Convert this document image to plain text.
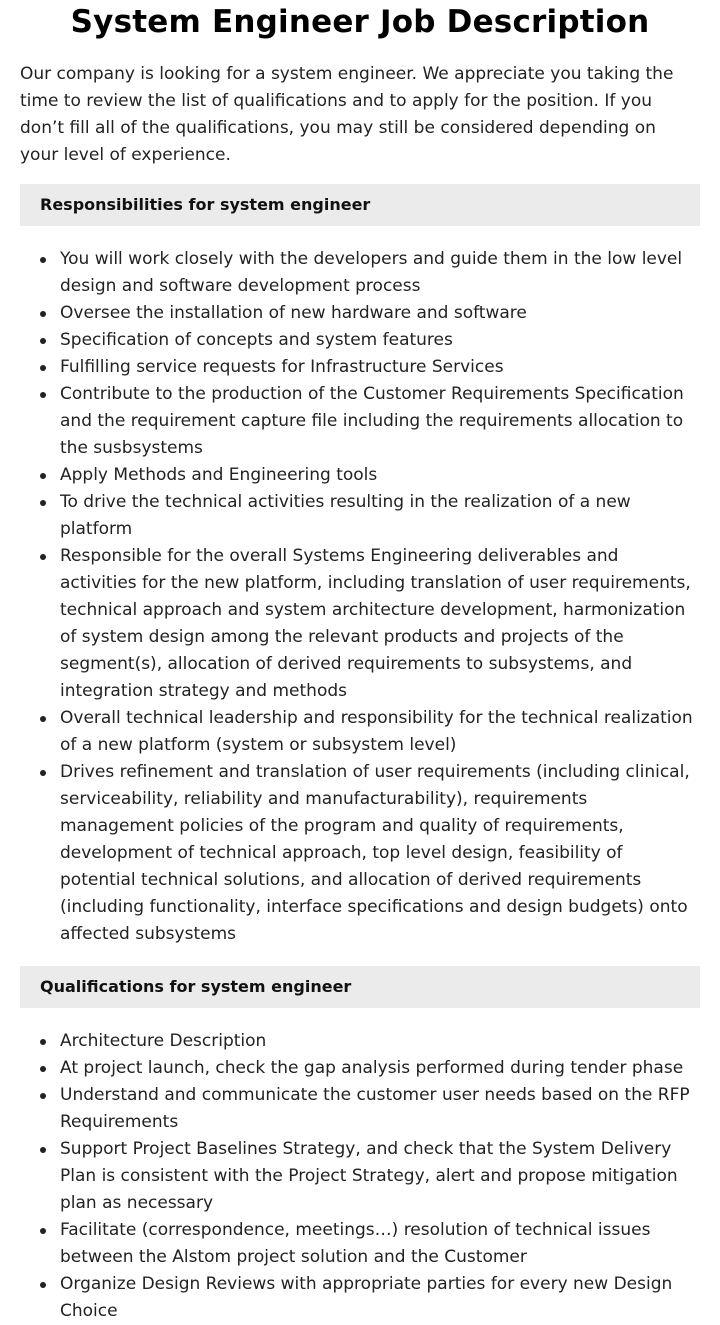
System Engineer Job Description

Our company is looking for a system engineer. We appreciate you taking the time to review the list of qualifications and to apply for the position. If you don’t fill all of the qualifications, you may still be considered depending on your level of experience.

Responsibilities for system engineer
You will work closely with the developers and guide them in the low level design and software development process
Oversee the installation of new hardware and software
Specification of concepts and system features
Fulfilling service requests for Infrastructure Services
Contribute to the production of the Customer Requirements Specification and the requirement capture file including the requirements allocation to the susbsystems
Apply Methods and Engineering tools
To drive the technical activities resulting in the realization of a new platform
Responsible for the overall Systems Engineering deliverables and activities for the new platform, including translation of user requirements, technical approach and system architecture development, harmonization of system design among the relevant products and projects of the segment(s), allocation of derived requirements to subsystems, and integration strategy and methods
Overall technical leadership and responsibility for the technical realization of a new platform (system or subsystem level)
Drives refinement and translation of user requirements (including clinical, serviceability, reliability and manufacturability), requirements management policies of the program and quality of requirements, development of technical approach, top level design, feasibility of potential technical solutions, and allocation of derived requirements (including functionality, interface specifications and design budgets) onto affected subsystems
Qualifications for system engineer
Architecture Description
At project launch, check the gap analysis performed during tender phase
Understand and communicate the customer user needs based on the RFP Requirements
Support Project Baselines Strategy, and check that the System Delivery Plan is consistent with the Project Strategy, alert and propose mitigation plan as necessary
Facilitate (correspondence, meetings…) resolution of technical issues between the Alstom project solution and the Customer
Organize Design Reviews with appropriate parties for every new Design Choice
